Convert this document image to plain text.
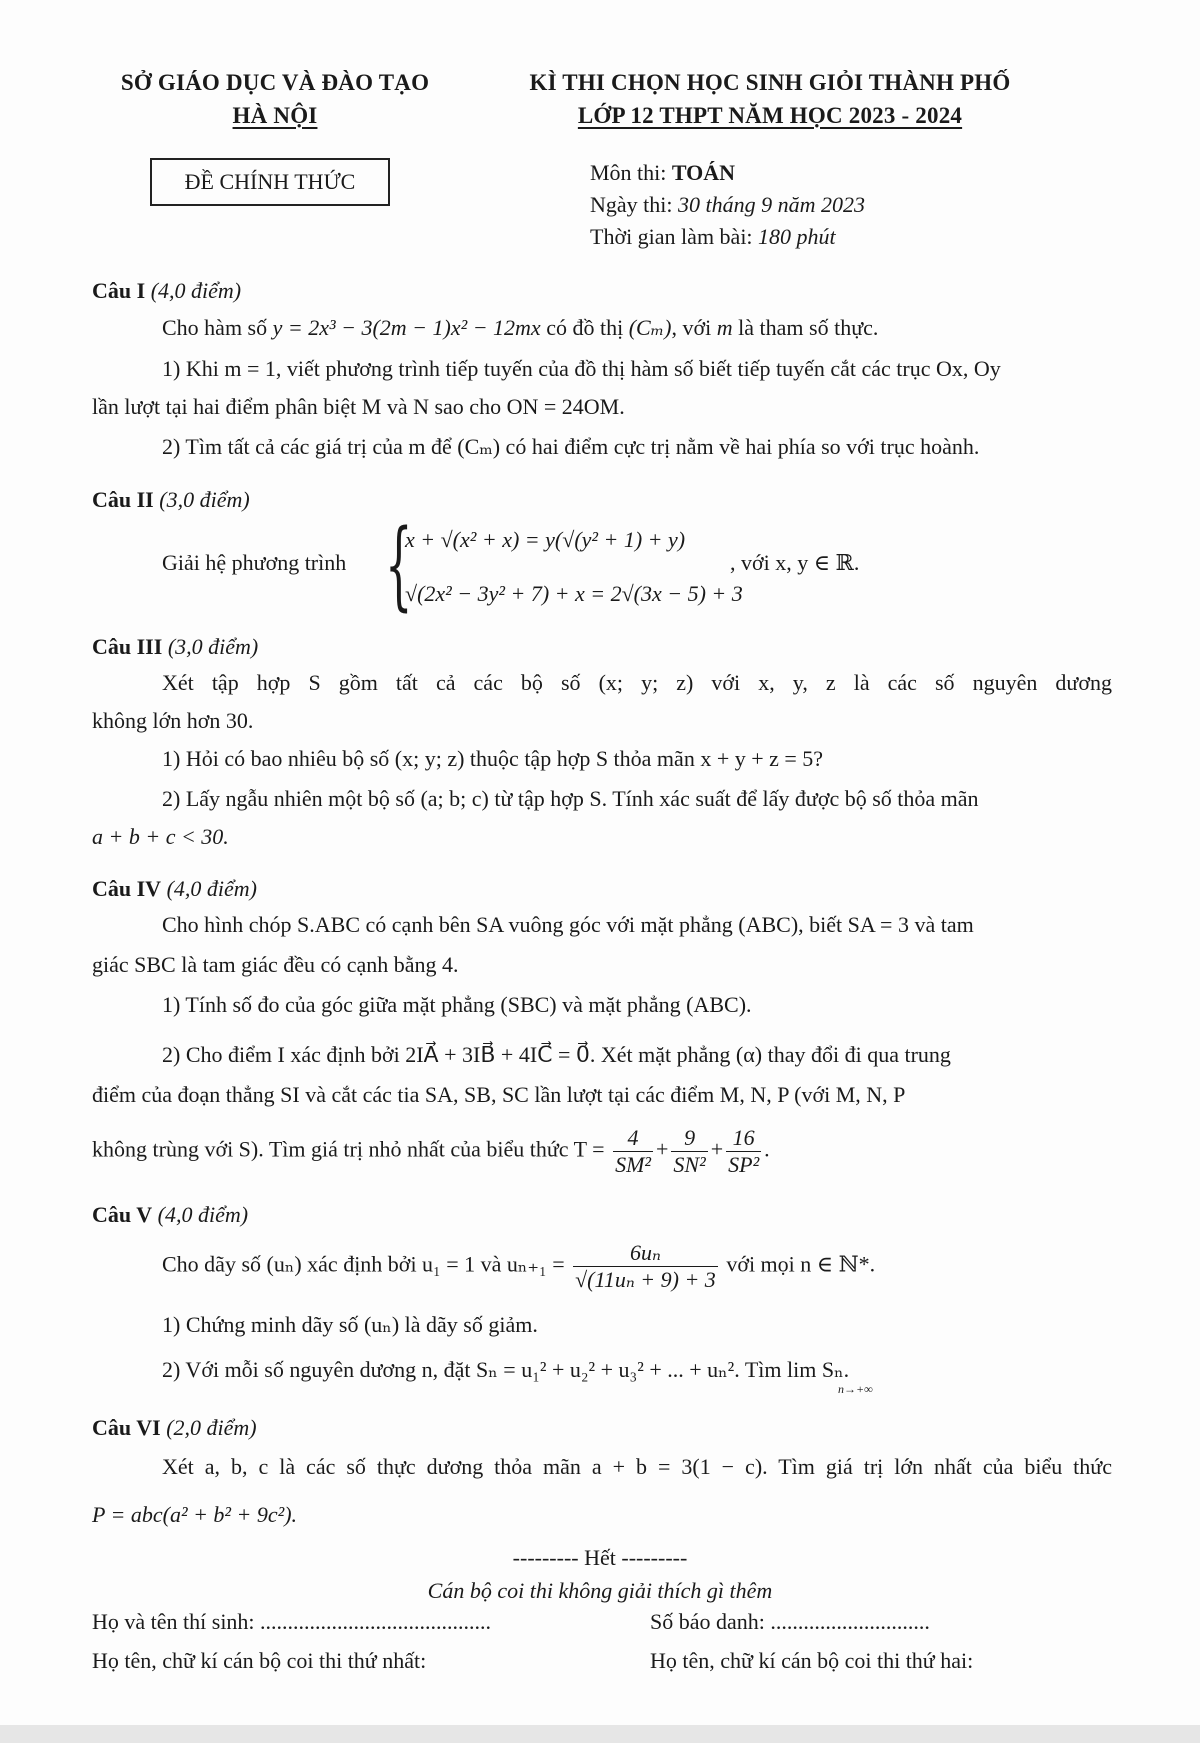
SỞ GIÁO DỤC VÀ ĐÀO TẠO
HÀ NỘI
KÌ THI CHỌN HỌC SINH GIỎI THÀNH PHỐ
LỚP 12 THPT NĂM HỌC 2023 - 2024
ĐỀ CHÍNH THỨC	Môn thi: TOÁN
Ngày thi: 30 tháng 9 năm 2023
Thời gian làm bài: 180 phút
Câu I (4,0 điểm)
Cho hàm số y = 2x³ − 3(2m − 1)x² − 12mx có đồ thị (Cₘ), với m là tham số thực.
1) Khi m = 1, viết phương trình tiếp tuyến của đồ thị hàm số biết tiếp tuyến cắt các trục Ox, Oy
lần lượt tại hai điểm phân biệt M và N sao cho ON = 24OM.
2) Tìm tất cả các giá trị của m để (Cₘ) có hai điểm cực trị nằm về hai phía so với trục hoành.
Câu II (3,0 điểm)
Giải hệ phương trình {
x + √(x² + x) = y(√(y² + 1) + y)
√(2x² − 3y² + 7) + x = 2√(3x − 5) + 3
, với x, y ∈ ℝ.
Câu III (3,0 điểm)
Xét tập hợp S gồm tất cả các bộ số (x; y; z) với x, y, z là các số nguyên dương
không lớn hơn 30.
1) Hỏi có bao nhiêu bộ số (x; y; z) thuộc tập hợp S thỏa mãn x + y + z = 5?
2) Lấy ngẫu nhiên một bộ số (a; b; c) từ tập hợp S. Tính xác suất để lấy được bộ số thỏa mãn
a + b + c < 30.
Câu IV (4,0 điểm)
Cho hình chóp S.ABC có cạnh bên SA vuông góc với mặt phẳng (ABC), biết SA = 3 và tam
giác SBC là tam giác đều có cạnh bằng 4.
1) Tính số đo của góc giữa mặt phẳng (SBC) và mặt phẳng (ABC).
2) Cho điểm I xác định bởi 2IA⃗ + 3IB⃗ + 4IC⃗ = 0⃗. Xét mặt phẳng (α) thay đổi đi qua trung
điểm của đoạn thẳng SI và cắt các tia SA, SB, SC lần lượt tại các điểm M, N, P (với M, N, P
không trùng với S). Tìm giá trị nhỏ nhất của biểu thức $T = \frac{4}{\text{SM²}} + \frac{9}{\text{SN²}} + \frac{16}{\text{SP²}}$ .
Câu V (4,0 điểm)
Cho dãy số (uₙ) xác định bởi u₁ = 1 và $u_{n+1} = \frac{\text{6uₙ}}{\text{√(11uₙ + 9) + 3}}$ với mọi n ∈ ℕ*.
1) Chứng minh dãy số (uₙ) là dãy số giảm.
2) Với mỗi số nguyên dương n, đặt Sₙ = u₁² + u₂² + u₃² + ... + uₙ². Tìm lim Sₙ.
n→+∞
Câu VI (2,0 điểm)
Xét a, b, c là các số thực dương thỏa mãn a + b = 3(1 − c). Tìm giá trị lớn nhất của biểu thức
P = abc(a² + b² + 9c²).
--------- Hết ---------
Cán bộ coi thi không giải thích gì thêm
Họ và tên thí sinh: ..........................................	Số báo danh: .............................
Họ tên, chữ kí cán bộ coi thi thứ nhất:	Họ tên, chữ kí cán bộ coi thi thứ hai:
